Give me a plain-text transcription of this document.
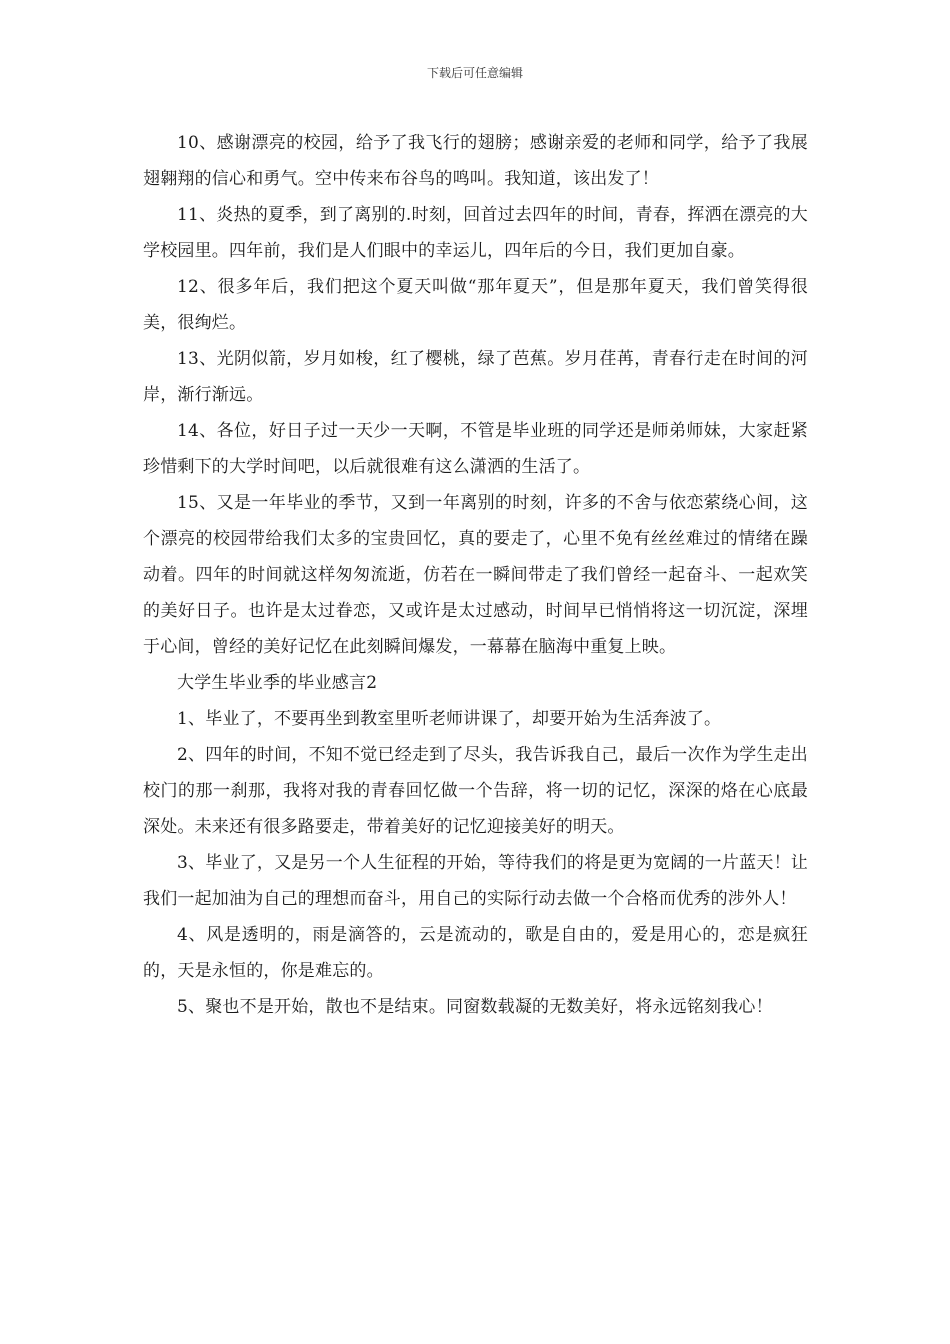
下载后可任意编辑

10、感谢漂亮的校园，给予了我飞行的翅膀；感谢亲爱的老师和同学，给予了我展翅翱翔的信心和勇气。空中传来布谷鸟的鸣叫。我知道，该出发了！

11、炎热的夏季，到了离别的.时刻，回首过去四年的时间，青春，挥洒在漂亮的大学校园里。四年前，我们是人们眼中的幸运儿，四年后的今日，我们更加自豪。

12、很多年后，我们把这个夏天叫做“那年夏天”，但是那年夏天，我们曾笑得很美，很绚烂。

13、光阴似箭，岁月如梭，红了樱桃，绿了芭蕉。岁月荏苒，青春行走在时间的河岸，渐行渐远。

14、各位，好日子过一天少一天啊，不管是毕业班的同学还是师弟师妹，大家赶紧珍惜剩下的大学时间吧，以后就很难有这么潇洒的生活了。

15、又是一年毕业的季节，又到一年离别的时刻，许多的不舍与依恋萦绕心间，这个漂亮的校园带给我们太多的宝贵回忆，真的要走了，心里不免有丝丝难过的情绪在躁动着。四年的时间就这样匆匆流逝，仿若在一瞬间带走了我们曾经一起奋斗、一起欢笑的美好日子。也许是太过眷恋，又或许是太过感动，时间早已悄悄将这一切沉淀，深埋于心间，曾经的美好记忆在此刻瞬间爆发，一幕幕在脑海中重复上映。

大学生毕业季的毕业感言2

1、毕业了，不要再坐到教室里听老师讲课了，却要开始为生活奔波了。

2、四年的时间，不知不觉已经走到了尽头，我告诉我自己，最后一次作为学生走出校门的那一刹那，我将对我的青春回忆做一个告辞，将一切的记忆，深深的烙在心底最深处。未来还有很多路要走，带着美好的记忆迎接美好的明天。

3、毕业了，又是另一个人生征程的开始，等待我们的将是更为宽阔的一片蓝天！让我们一起加油为自己的理想而奋斗，用自己的实际行动去做一个合格而优秀的涉外人！

4、风是透明的，雨是滴答的，云是流动的，歌是自由的，爱是用心的，恋是疯狂的，天是永恒的，你是难忘的。

5、聚也不是开始，散也不是结束。同窗数载凝的无数美好，将永远铭刻我心！
